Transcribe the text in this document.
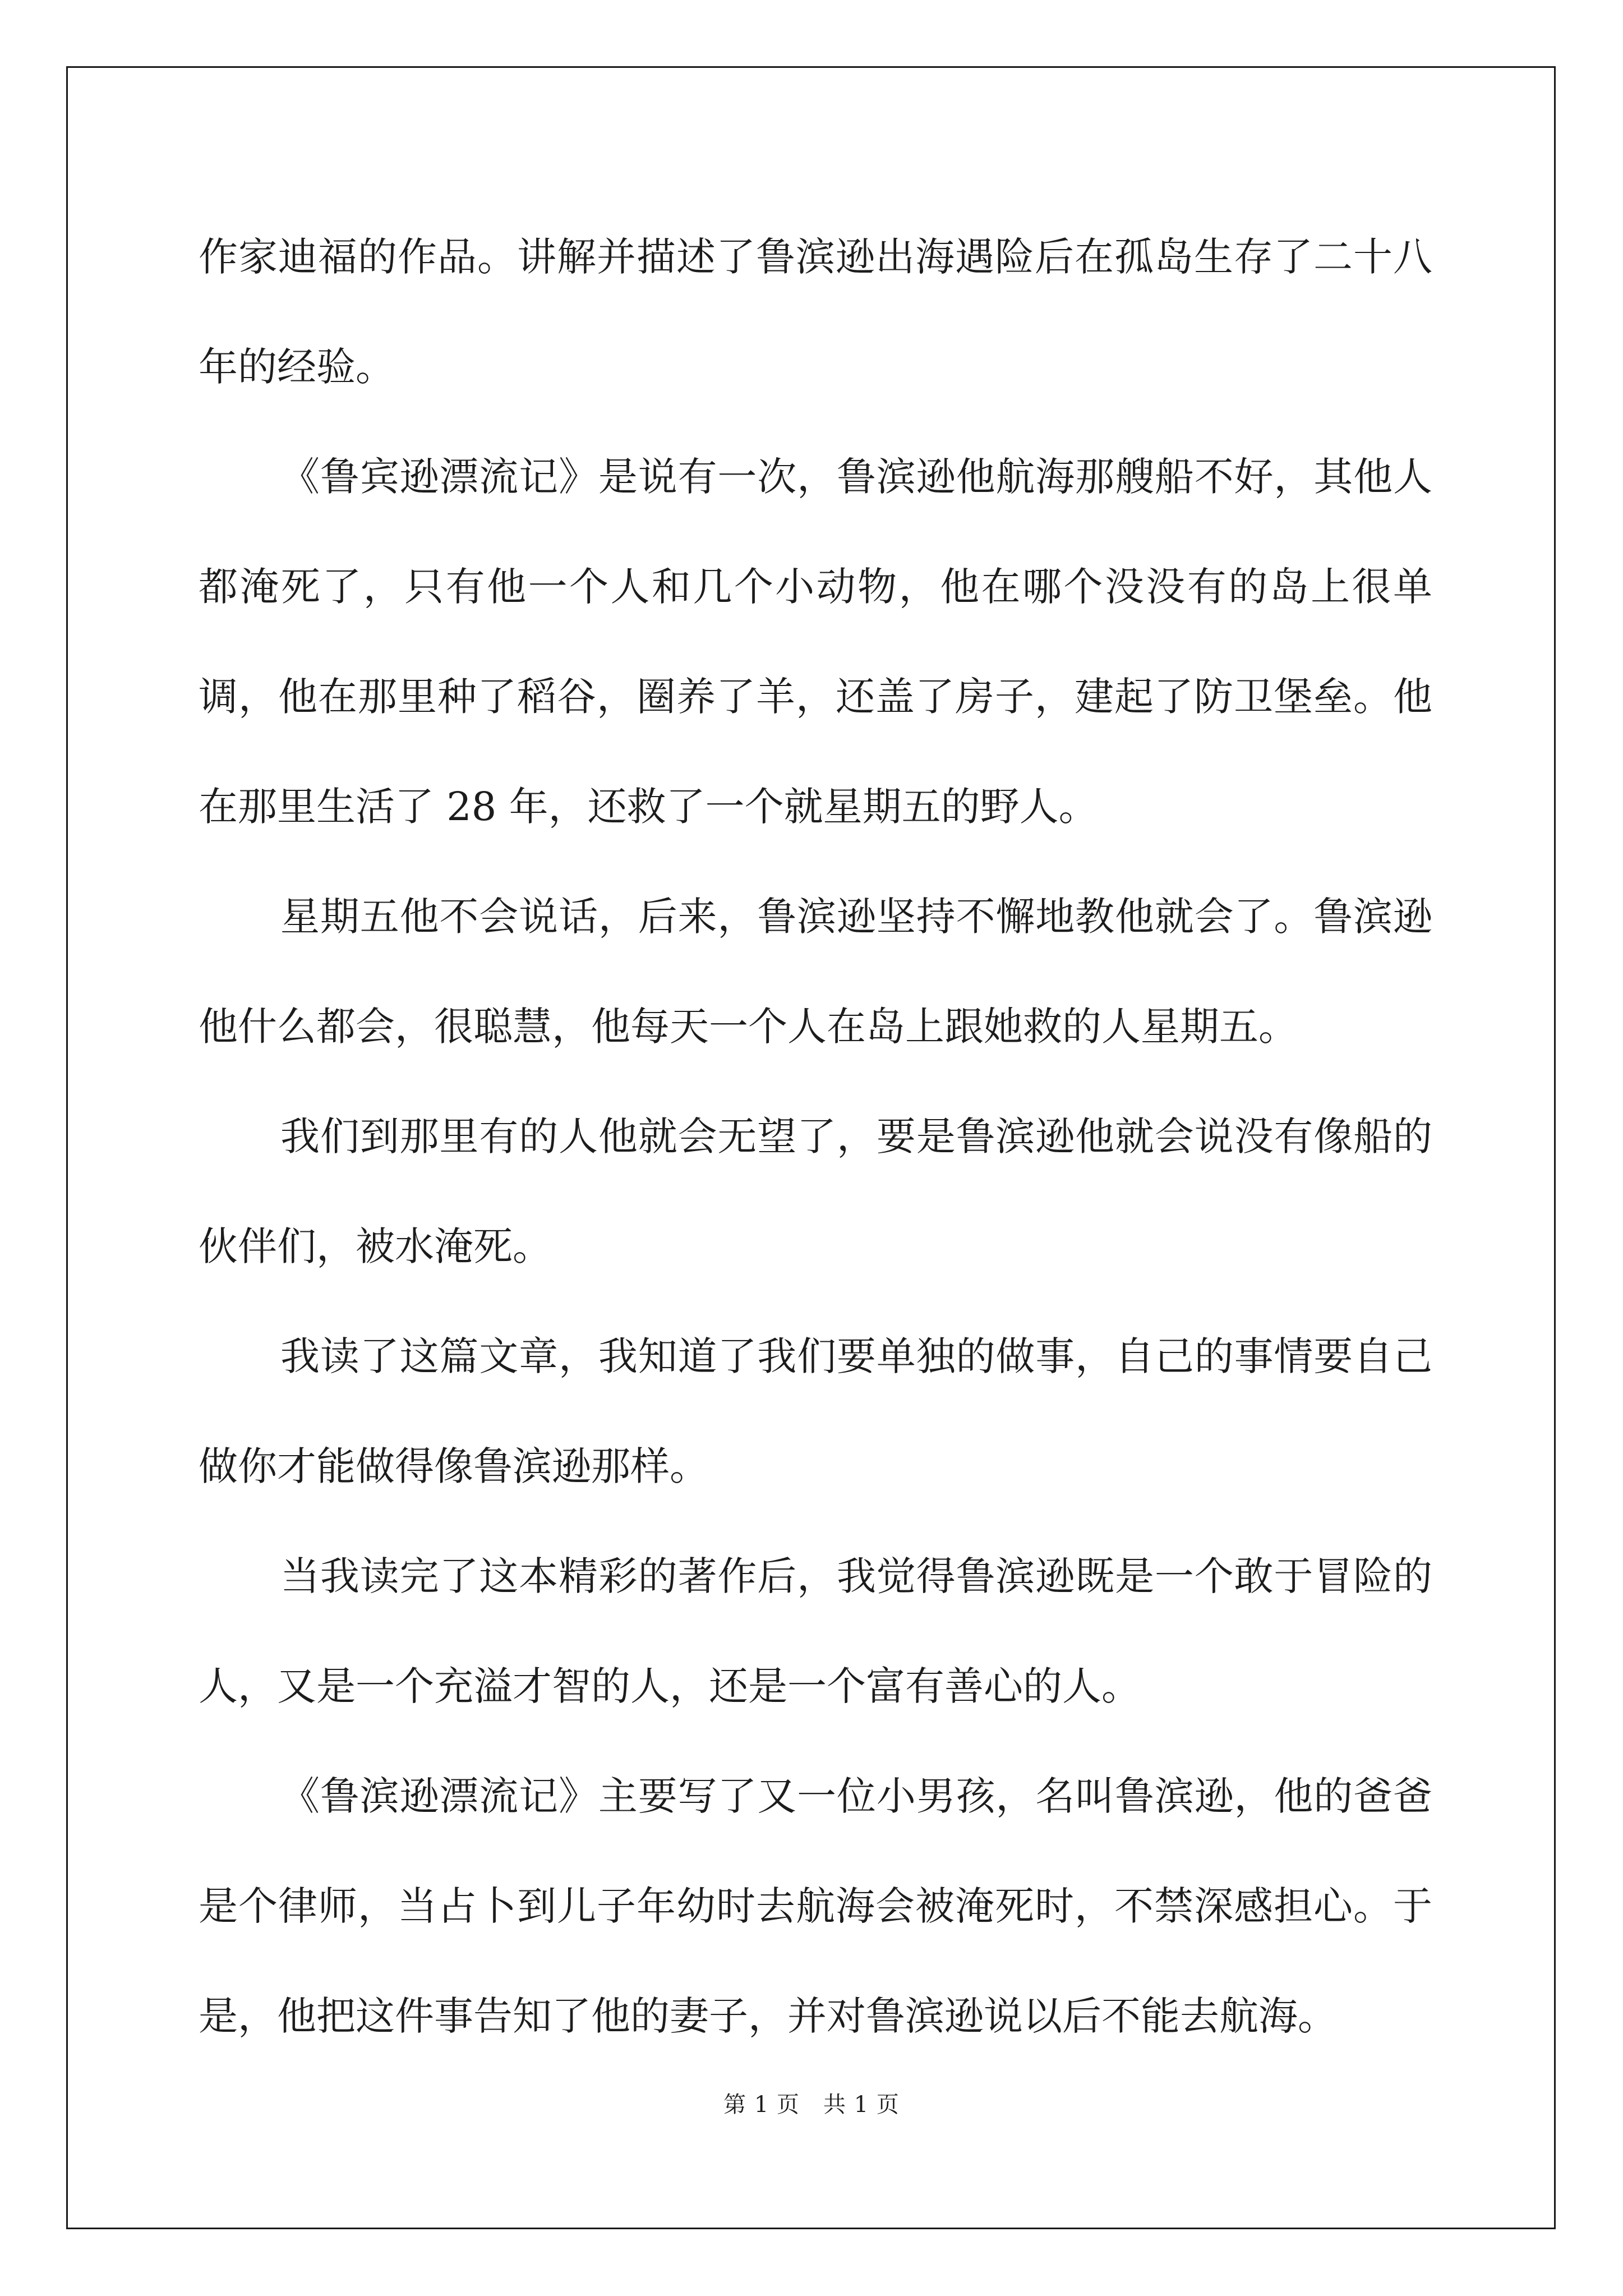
作家迪福的作品。讲解并描述了鲁滨逊出海遇险后在孤岛生存了二十八年的经验。

《鲁宾逊漂流记》是说有一次，鲁滨逊他航海那艘船不好，其他人都淹死了，只有他一个人和几个小动物，他在哪个没没有的岛上很单调，他在那里种了稻谷，圈养了羊，还盖了房子，建起了防卫堡垒。他在那里生活了 28 年，还救了一个就星期五的野人。

星期五他不会说话，后来，鲁滨逊坚持不懈地教他就会了。鲁滨逊他什么都会，很聪慧，他每天一个人在岛上跟她救的人星期五。

我们到那里有的人他就会无望了，要是鲁滨逊他就会说没有像船的伙伴们，被水淹死。

我读了这篇文章，我知道了我们要单独的做事，自己的事情要自己做你才能做得像鲁滨逊那样。

当我读完了这本精彩的著作后，我觉得鲁滨逊既是一个敢于冒险的人，又是一个充溢才智的人，还是一个富有善心的人。

《鲁滨逊漂流记》主要写了又一位小男孩，名叫鲁滨逊，他的爸爸是个律师，当占卜到儿子年幼时去航海会被淹死时，不禁深感担心。于是，他把这件事告知了他的妻子，并对鲁滨逊说以后不能去航海。

第 1 页 共 1 页
